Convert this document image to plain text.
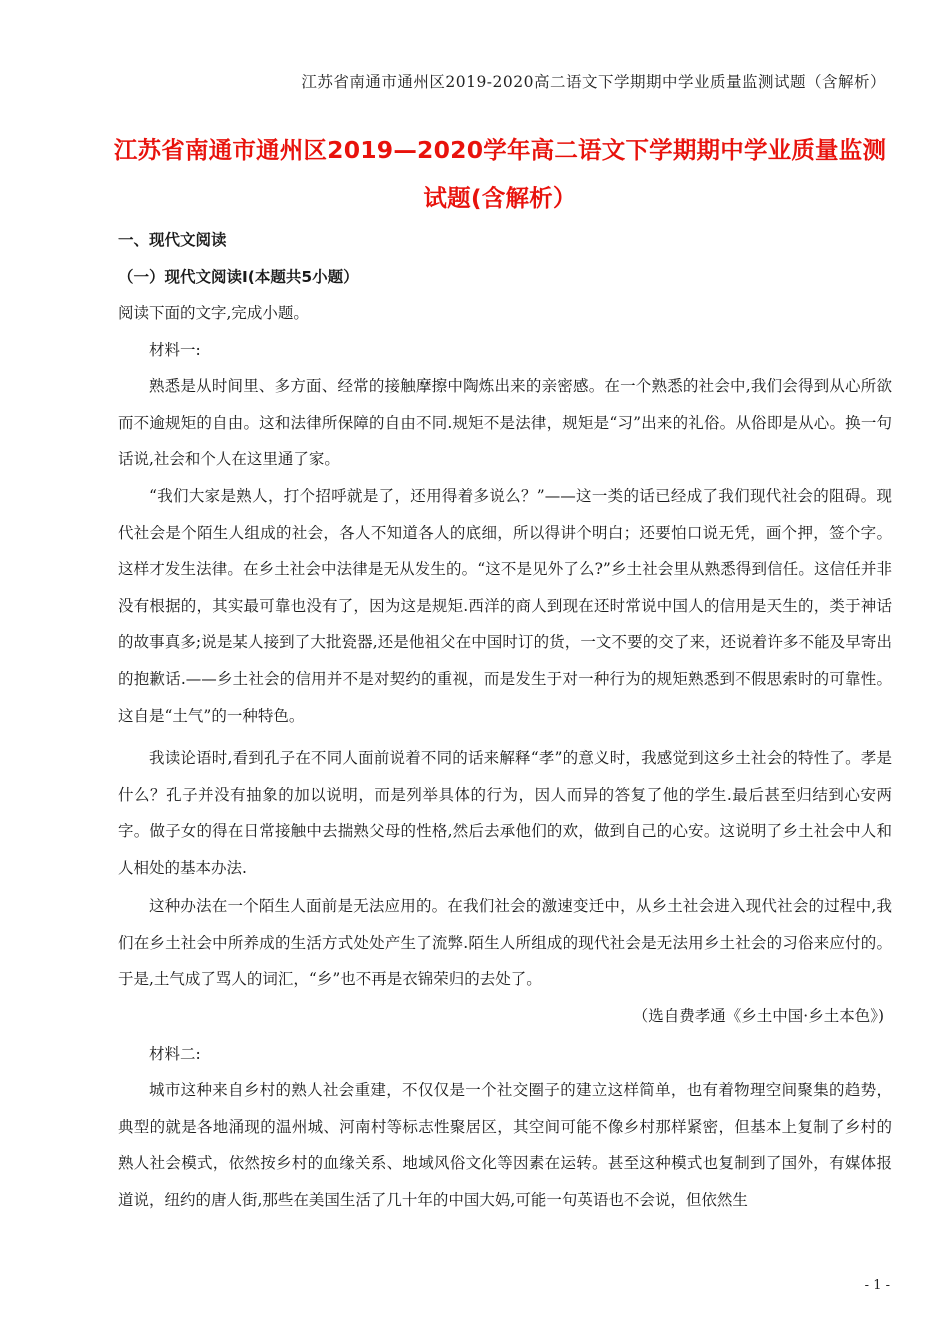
江苏省南通市通州区2019-2020高二语文下学期期中学业质量监测试题（含解析）
江苏省南通市通州区2019—2020学年高二语文下学期期中学业质量监测试题(含解析）
一、现代文阅读
（一）现代文阅读Ⅰ(本题共5小题）

阅读下面的文字,完成小题。

材料一:

熟悉是从时间里、多方面、经常的接触摩擦中陶炼出来的亲密感。在一个熟悉的社会中,我们会得到从心所欲而不逾规矩的自由。这和法律所保障的自由不同.规矩不是法律，规矩是“习”出来的礼俗。从俗即是从心。换一句话说,社会和个人在这里通了家。

“我们大家是熟人，打个招呼就是了，还用得着多说么？”——这一类的话已经成了我们现代社会的阻碍。现代社会是个陌生人组成的社会，各人不知道各人的底细，所以得讲个明白；还要怕口说无凭，画个押，签个字。这样才发生法律。在乡土社会中法律是无从发生的。“这不是见外了么?”乡土社会里从熟悉得到信任。这信任并非没有根据的，其实最可靠也没有了，因为这是规矩.西洋的商人到现在还时常说中国人的信用是天生的，类于神话的故事真多;说是某人接到了大批瓷器,还是他祖父在中国时订的货，一文不要的交了来，还说着许多不能及早寄出的抱歉话.——乡土社会的信用并不是对契约的重视，而是发生于对一种行为的规矩熟悉到不假思索时的可靠性。这自是“土气”的一种特色。

我读论语时,看到孔子在不同人面前说着不同的话来解释“孝”的意义时，我感觉到这乡土社会的特性了。孝是什么？孔子并没有抽象的加以说明，而是列举具体的行为，因人而异的答复了他的学生.最后甚至归结到心安两字。做子女的得在日常接触中去揣熟父母的性格,然后去承他们的欢，做到自己的心安。这说明了乡土社会中人和人相处的基本办法.

这种办法在一个陌生人面前是无法应用的。在我们社会的激速变迁中，从乡土社会进入现代社会的过程中,我们在乡土社会中所养成的生活方式处处产生了流弊.陌生人所组成的现代社会是无法用乡土社会的习俗来应付的。于是,土气成了骂人的词汇，“乡”也不再是衣锦荣归的去处了。

（选自费孝通《乡土中国·乡土本色》)

材料二:

城市这种来自乡村的熟人社会重建，不仅仅是一个社交圈子的建立这样简单，也有着物理空间聚集的趋势，典型的就是各地涌现的温州城、河南村等标志性聚居区，其空间可能不像乡村那样紧密，但基本上复制了乡村的熟人社会模式，依然按乡村的血缘关系、地域风俗文化等因素在运转。甚至这种模式也复制到了国外，有媒体报道说，纽约的唐人街,那些在美国生活了几十年的中国大妈,可能一句英语也不会说，但依然生

- 1 -
